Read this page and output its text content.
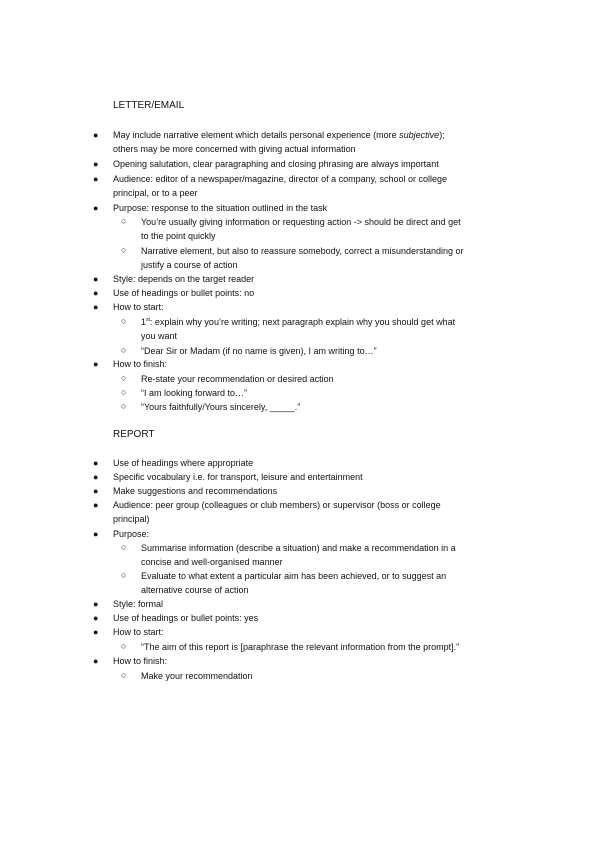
LETTER/EMAIL
● May include narrative element which details personal experience (more subjective);
others may be more concerned with giving actual information
● Opening salutation, clear paragraphing and closing phrasing are always important
● Audience: editor of a newspaper/magazine, director of a company, school or college
principal, or to a peer
● Purpose: response to the situation outlined in the task
○ You’re usually giving information or requesting action -> should be direct and get
to the point quickly
○ Narrative element, but also to reassure somebody, correct a misunderstanding or
justify a course of action
● Style: depends on the target reader
● Use of headings or bullet points: no
● How to start:
○ 1st: explain why you’re writing; next paragraph explain why you should get what
you want
○ “Dear Sir or Madam (if no name is given), I am writing to…”
● How to finish:
○ Re-state your recommendation or desired action
○ “I am looking forward to…”
○ “Yours faithfully/Yours sincerely, _____.”
REPORT
● Use of headings where appropriate
● Specific vocabulary i.e. for transport, leisure and entertainment
● Make suggestions and recommendations
● Audience: peer group (colleagues or club members) or supervisor (boss or college
principal)
● Purpose:
○ Summarise information (describe a situation) and make a recommendation in a
concise and well-organised manner
○ Evaluate to what extent a particular aim has been achieved, or to suggest an
alternative course of action
● Style: formal
● Use of headings or bullet points: yes
● How to start:
○ “The aim of this report is [paraphrase the relevant information from the prompt].”
● How to finish:
○ Make your recommendation
